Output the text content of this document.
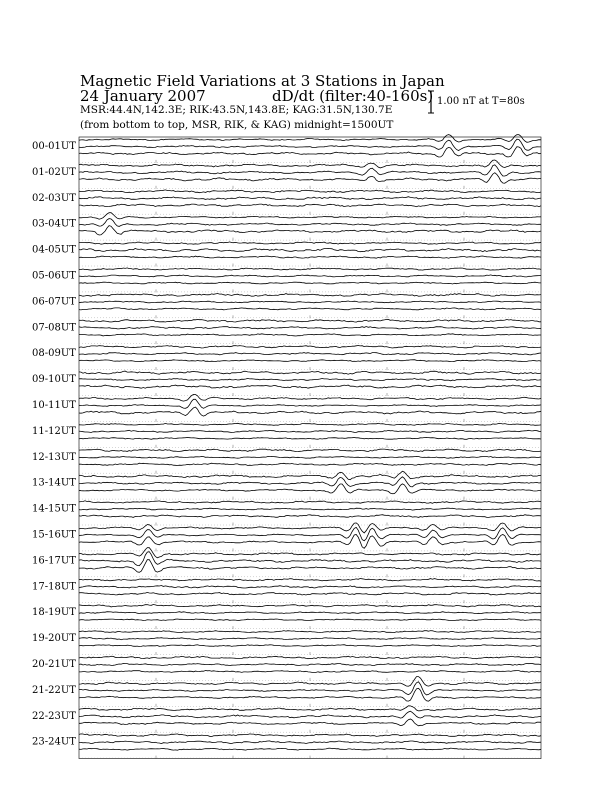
Magnetic Field Variations at 3 Stations in Japan
24 January 2007	dD/dt (filter:40-160s)
MSR:44.4N,142.3E; RIK:43.5N,143.8E; KAG:31.5N,130.7E
(from bottom to top, MSR, RIK, & KAG) midnight=1500UT
1.00 nT at T=80s
00-01UT
01-02UT
02-03UT
03-04UT
04-05UT
05-06UT
06-07UT
07-08UT
08-09UT
09-10UT
10-11UT
11-12UT
12-13UT
13-14UT
14-15UT
15-16UT
16-17UT
17-18UT
18-19UT
19-20UT
20-21UT
21-22UT
22-23UT
23-24UT
